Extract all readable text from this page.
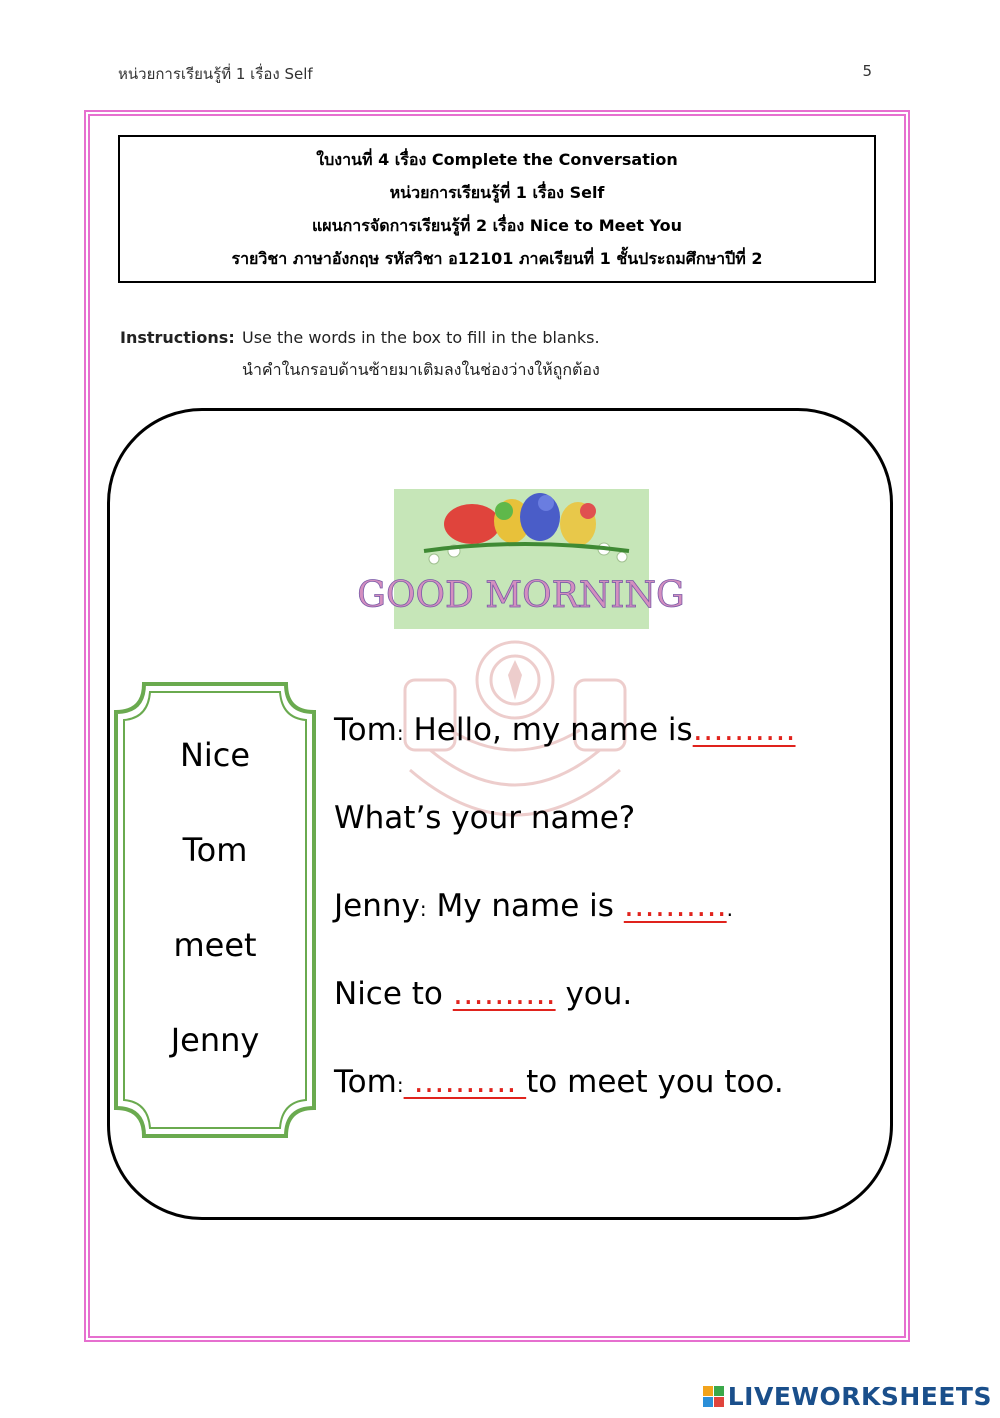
หน่วยการเรียนรู้ที่ 1 เรื่อง Self	5
ใบงานที่ 4 เรื่อง Complete the Conversation
หน่วยการเรียนรู้ที่ 1 เรื่อง Self
แผนการจัดการเรียนรู้ที่ 2 เรื่อง Nice to Meet You
รายวิชา ภาษาอังกฤษ รหัสวิชา อ12101 ภาคเรียนที่ 1 ชั้นประถมศึกษาปีที่ 2
Instructions: Use the words in the box to fill in the blanks.
นำคำในกรอบด้านซ้ายมาเติมลงในช่องว่างให้ถูกต้อง
GOOD MORNING
Nice
Tom
meet
Jenny
Tom: Hello, my name is……….
What’s your name?
Jenny: My name is ………..
Nice to ………. you.
Tom: ………. to meet you too.
LIVEWORKSHEETS
